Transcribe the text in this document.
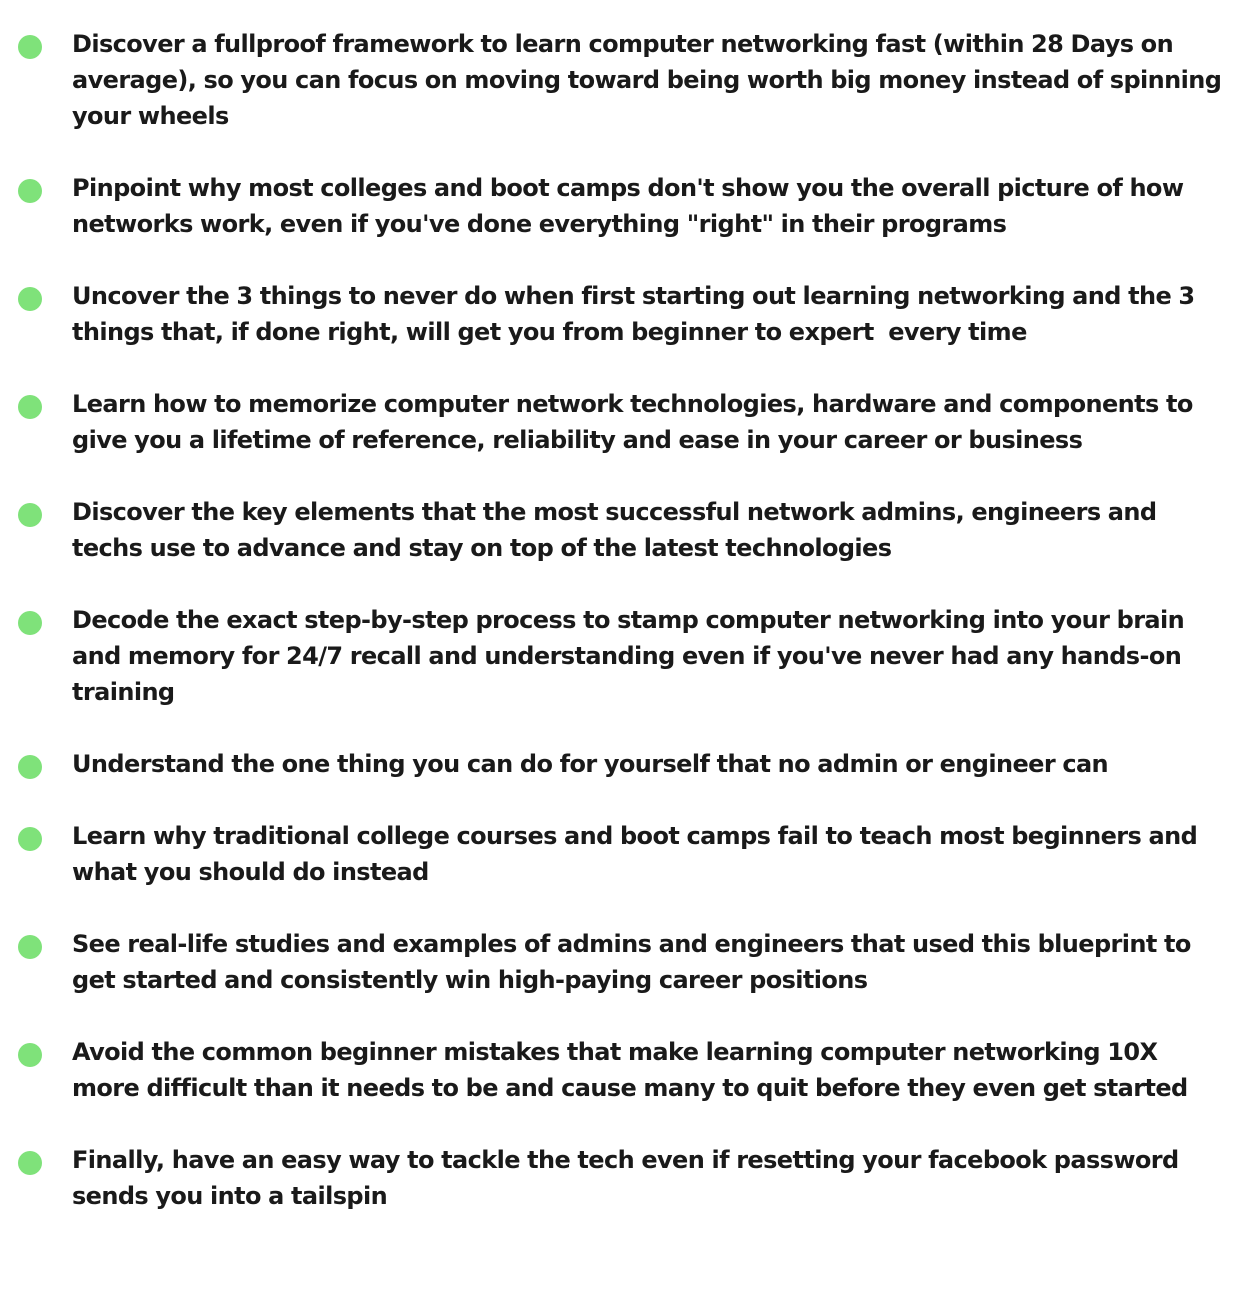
Discover a fullproof framework to learn computer networking fast (within 28 Days on average), so you can focus on moving toward being worth big money instead of spinning your wheels
Pinpoint why most colleges and boot camps don't show you the overall picture of how networks work, even if you've done everything "right" in their programs
Uncover the 3 things to never do when first starting out learning networking and the 3 things that, if done right, will get you from beginner to expert  every time
Learn how to memorize computer network technologies, hardware and components to give you a lifetime of reference, reliability and ease in your career or business
Discover the key elements that the most successful network admins, engineers and techs use to advance and stay on top of the latest technologies
Decode the exact step-by-step process to stamp computer networking into your brain and memory for 24/7 recall and understanding even if you've never had any hands-on training
Understand the one thing you can do for yourself that no admin or engineer can
Learn why traditional college courses and boot camps fail to teach most beginners and what you should do instead
See real-life studies and examples of admins and engineers that used this blueprint to get started and consistently win high-paying career positions
Avoid the common beginner mistakes that make learning computer networking 10X more difficult than it needs to be and cause many to quit before they even get started
Finally, have an easy way to tackle the tech even if resetting your facebook password sends you into a tailspin
